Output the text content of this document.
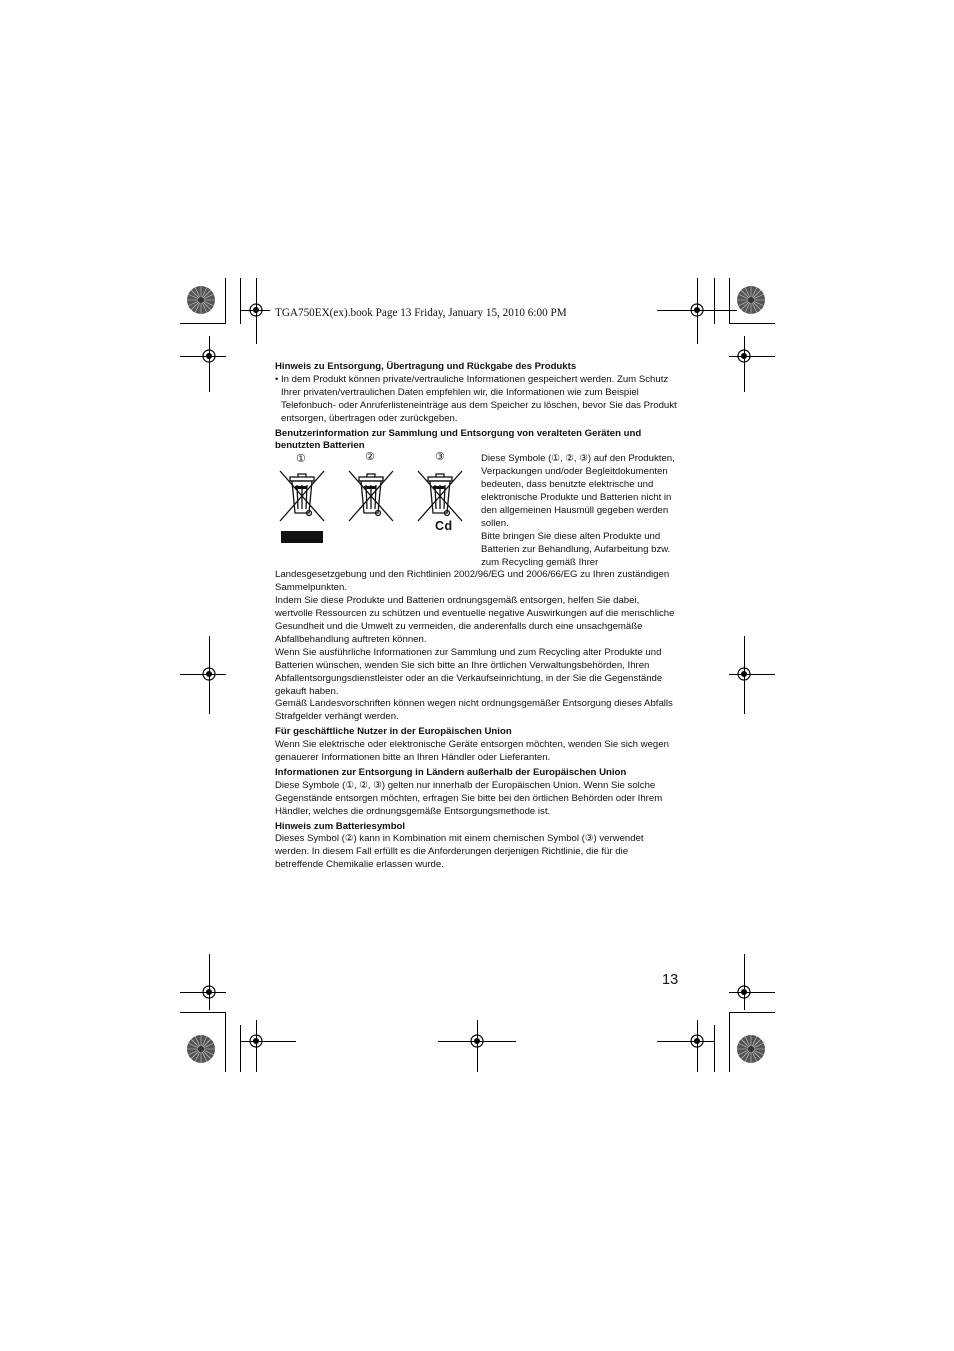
TGA750EX(ex).book Page 13 Friday, January 15, 2010 6:00 PM
Hinweis zu Entsorgung, Übertragung und Rückgabe des Produkts
• In dem Produkt können private/vertrauliche Informationen gespeichert werden. Zum Schutz Ihrer privaten/vertraulichen Daten empfehlen wir, die Informationen wie zum Beispiel Telefonbuch- oder Anruferlisteneinträge aus dem Speicher zu löschen, bevor Sie das Produkt entsorgen, übertragen oder zurückgeben.

Benutzerinformation zur Sammlung und Entsorgung von veralteten Geräten und benutzten Batterien
①	②	③
Cd

Diese Symbole (①, ②, ③) auf den Produkten, Verpackungen und/oder Begleitdokumenten bedeuten, dass benutzte elektrische und elektronische Produkte und Batterien nicht in den allgemeinen Hausmüll gegeben werden sollen.

Bitte bringen Sie diese alten Produkte und Batterien zur Behandlung, Aufarbeitung bzw. zum Recycling gemäß Ihrer

Landesgesetzgebung und den Richtlinien 2002/96/EG und 2006/66/EG zu Ihren zuständigen Sammelpunkten.

Indem Sie diese Produkte und Batterien ordnungsgemäß entsorgen, helfen Sie dabei, wertvolle Ressourcen zu schützen und eventuelle negative Auswirkungen auf die menschliche Gesundheit und die Umwelt zu vermeiden, die anderenfalls durch eine unsachgemäße Abfallbehandlung auftreten können.

Wenn Sie ausführliche Informationen zur Sammlung und zum Recycling alter Produkte und Batterien wünschen, wenden Sie sich bitte an Ihre örtlichen Verwaltungsbehörden, Ihren Abfallentsorgungsdienstleister oder an die Verkaufseinrichtung, in der Sie die Gegenstände gekauft haben.

Gemäß Landesvorschriften können wegen nicht ordnungsgemäßer Entsorgung dieses Abfalls Strafgelder verhängt werden.

Für geschäftliche Nutzer in der Europäischen Union

Wenn Sie elektrische oder elektronische Geräte entsorgen möchten, wenden Sie sich wegen genauerer Informationen bitte an Ihren Händler oder Lieferanten.

Informationen zur Entsorgung in Ländern außerhalb der Europäischen Union

Diese Symbole (①, ②, ③) gelten nur innerhalb der Europäischen Union. Wenn Sie solche Gegenstände entsorgen möchten, erfragen Sie bitte bei den örtlichen Behörden oder Ihrem Händler, welches die ordnungsgemäße Entsorgungsmethode ist.

Hinweis zum Batteriesymbol

Dieses Symbol (②) kann in Kombination mit einem chemischen Symbol (③) verwendet werden. In diesem Fall erfüllt es die Anforderungen derjenigen Richtlinie, die für die betreffende Chemikalie erlassen wurde.

13
